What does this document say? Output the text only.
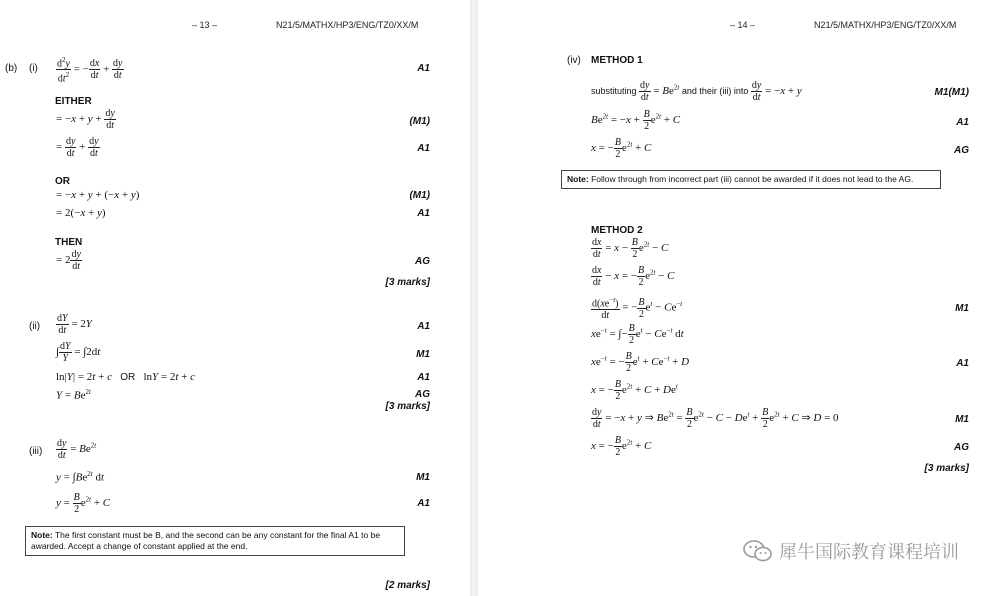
– 13 –	N21/5/MATHX/HP3/ENG/TZ0/XX/M
(b) $(i) \frac{d^2y}{dt^2}$ = − $\frac{dx}{dt} + \frac{dy}{dt}$	A1
EITHER
= $-x + y + \frac{dy}{dt}$	(M1)
= $\frac{dy}{dt} + \frac{dy}{dt}$	A1
OR
= −x + y + (−x + y)	(M1)
= 2(−x + y)	A1
THEN
= $2 \frac{dy}{dt}$	AG
[3 marks]
$(ii) \frac{dY}{dt} = 2Y$	A1
∫ $\frac{dY}{Y} = \int 2dt$	M1
ln|Y| = 2t + c OR   lnY = 2t + c	A1
$Y = Be^{2t}$	AG
[3 marks]
$(iii) \frac{dy}{dt} = Be^{2t}$
$y = \int Be^{2t}$ dt	M1
$y = \frac{B}{2} e^{2t} + C$	A1
Note: The first constant must be B, and the second can be any constant for the final A1 to be awarded. Accept a change of constant applied at the end.
[2 marks]
– 14 –	N21/5/MATHX/HP3/ENG/TZ0/XX/M
(iv) METHOD 1
substituting $\frac{dy}{dt} = Be^{2t}$ and their (iii) into $\frac{dy}{dt} = -x + y$	M1(M1)
$Be^{2t} = -x + \frac{B}{2} e^{2t} + C$	A1
x = − $\frac{B}{2} e^{2t} + C$	AG
Note: Follow through from incorrect part (iii) cannot be awarded if it does not lead to the AG.
METHOD 2
$\frac{dx}{dt} = x - \frac{B}{2} e^{2t} - C$
$\frac{dx}{dt} - x$ = − $\frac{B}{2} e^{2t} - C$
$\frac{d(xe^{-t})}{dt}$ = − $\frac{B}{2} e^t - Ce^{-t}$	M1
$xe^{-t}$ = ∫− $\frac{B}{2} e^t - Ce^{-t}$ dt
$xe^{-t}$ = − $\frac{B}{2} e^t + Ce^{-t} + D$	A1
x = − $\frac{B}{2} e^{2t} + C + De^t$
$\frac{dy}{dt} = -x + y$ ⇒ $Be^{2t} = \frac{B}{2} e^{2t} - C - De^t + \frac{B}{2} e^{2t} + C$ ⇒ D = 0	M1
x = − $\frac{B}{2} e^{2t} + C$	AG
[3 marks]
犀牛国际教育课程培训
